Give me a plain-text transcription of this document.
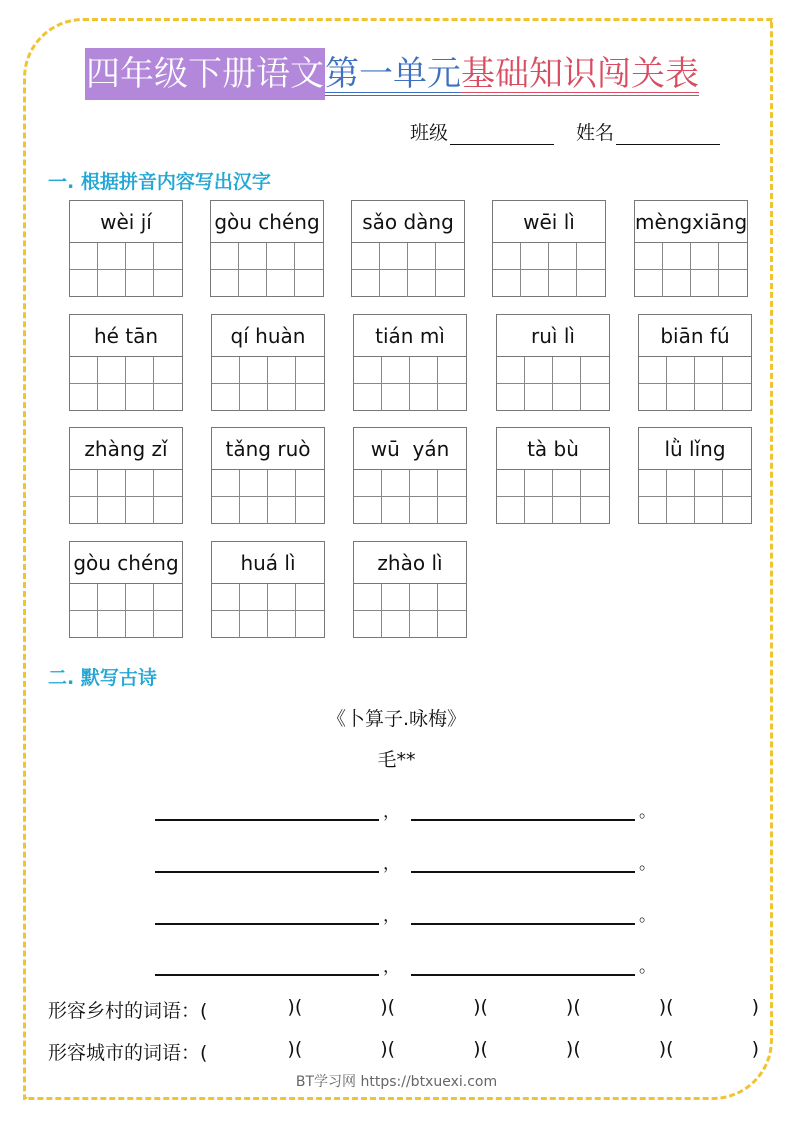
四年级下册语文 第一单元 基础知识闯关表
班级	姓名
一. 根据拼音内容写出汉字
wèi jí	gòu chéng	sǎo dàng	wēi lì	mèngxiāng
hé tān	qí huàn	tián mì	ruì lì	biān fú
zhàng zǐ	tǎng ruò	wū  yán	tà bù	lǜ lǐng
gòu chéng	huá lì	zhào lì
二. 默写古诗
《卜算子.咏梅》
毛**
，	。
，	。
，	。
，	。
形容乡村的词语：(	)(	)(	)(	)(	)(	)
形容城市的词语：(	)(	)(	)(	)(	)(	)
BT学习网 https://btxuexi.com
